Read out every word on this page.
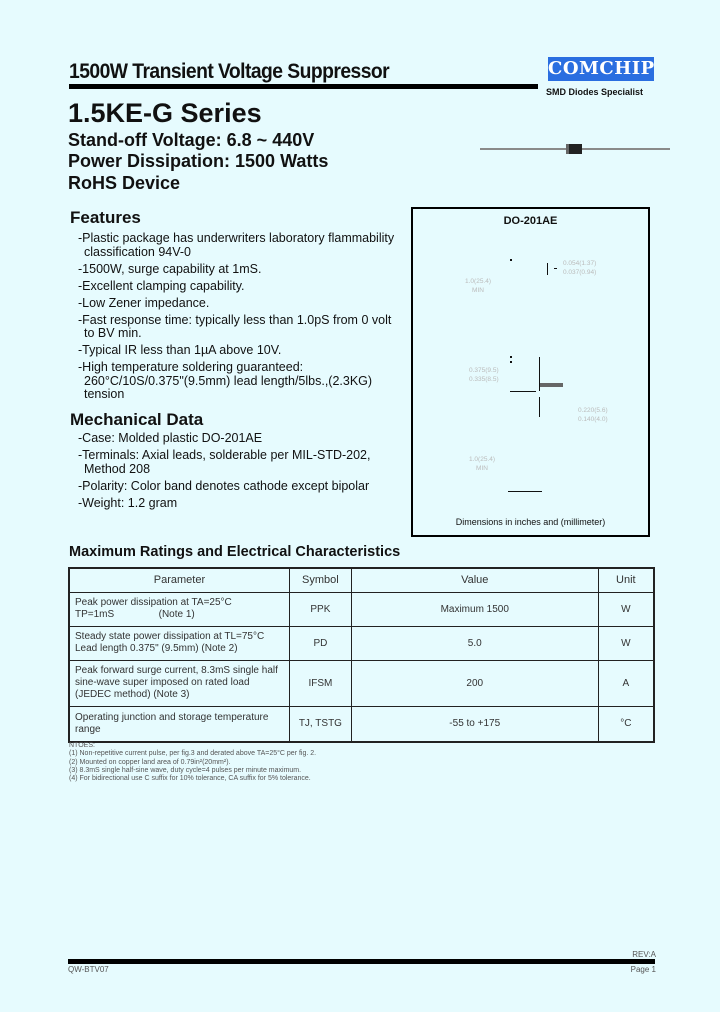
1500W Transient Voltage Suppressor	COMCHIP
SMD Diodes Specialist
1.5KE-G Series
Stand-off Voltage: 6.8 ~ 440V
Power Dissipation: 1500 Watts
RoHS Device
Features
-Plastic package has underwriters laboratory flammability classification 94V-0
-1500W, surge capability at 1mS.
-Excellent clamping capability.
-Low Zener impedance.
-Fast response time: typically less than 1.0pS from 0 volt to BV min.
-Typical IR less than 1µA above 10V.
-High temperature soldering guaranteed: 260°C/10S/0.375"(9.5mm) lead length/5lbs.,(2.3KG) tension
Mechanical Data
-Case: Molded plastic DO-201AE
-Terminals: Axial leads, solderable per MIL-STD-202, Method 208
-Polarity: Color band denotes cathode except bipolar
-Weight: 1.2 gram
DO-201AE
0.054(1.37)
0.037(0.94)
1.0(25.4)
MIN
0.375(9.5)
0.335(8.5)
0.220(5.6)
0.140(4.0)
1.0(25.4)
MIN
Dimensions in inches and (millimeter)
Maximum Ratings and Electrical Characteristics
Parameter	Symbol	Value	Unit

Peak power dissipation at TA=25°C
TP=1mS                (Note 1)	PPK	Maximum 1500	W

Steady state power dissipation at TL=75°C
Lead length 0.375" (9.5mm) (Note 2)	PD	5.0	W

Peak forward surge current, 8.3mS single half sine-wave super imposed on rated load
(JEDEC method) (Note 3)	IFSM	200	A

Operating junction and storage temperature range	TJ, TSTG	-55 to +175	°C
NTOES:
(1) Non-repetitive current pulse, per fig.3 and derated above TA=25°C per fig. 2.
(2) Mounted on copper land area of 0.79in²(20mm²).
(3) 8.3mS single half-sine wave, duty cycle=4 pulses per minute maximum.
(4) For bidirectional use C suffix for 10% tolerance, CA suffix for 5% tolerance.
REV:A
QW-BTV07	Page 1
